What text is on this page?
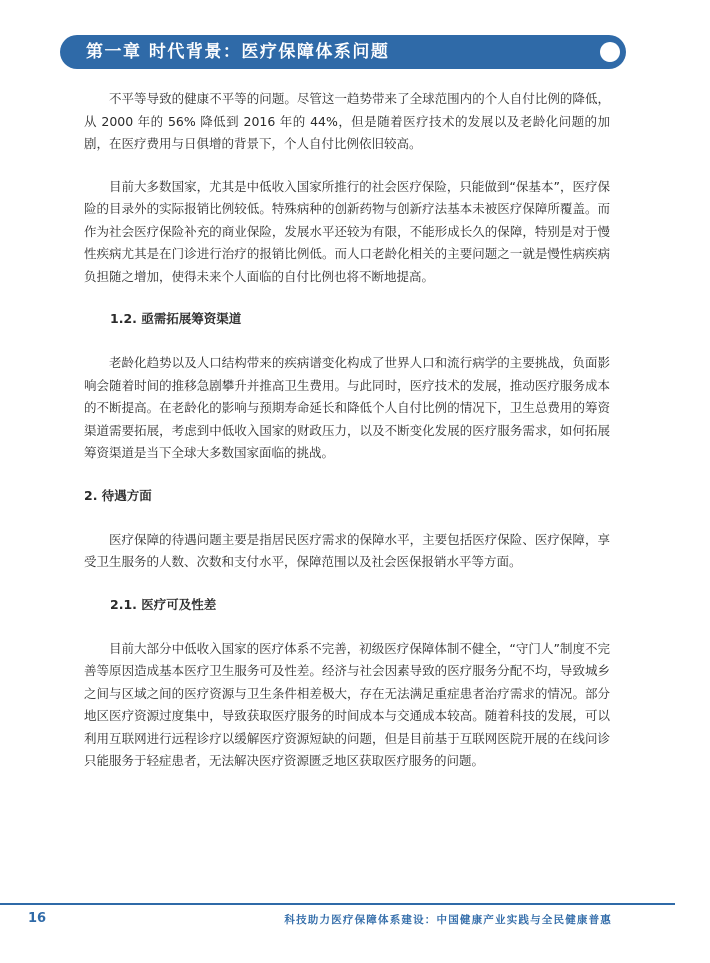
第一章 时代背景：医疗保障体系问题

不平等导致的健康不平等的问题。尽管这一趋势带来了全球范围内的个人自付比例的降低，从 2000 年的 56% 降低到 2016 年的 44%，但是随着医疗技术的发展以及老龄化问题的加剧，在医疗费用与日俱增的背景下，个人自付比例依旧较高。

目前大多数国家，尤其是中低收入国家所推行的社会医疗保险，只能做到“保基本”，医疗保险的目录外的实际报销比例较低。特殊病种的创新药物与创新疗法基本未被医疗保障所覆盖。而作为社会医疗保险补充的商业保险，发展水平还较为有限，不能形成长久的保障，特别是对于慢性疾病尤其是在门诊进行治疗的报销比例低。而人口老龄化相关的主要问题之一就是慢性病疾病负担随之增加，使得未来个人面临的自付比例也将不断地提高。

1.2. 亟需拓展筹资渠道

老龄化趋势以及人口结构带来的疾病谱变化构成了世界人口和流行病学的主要挑战，负面影响会随着时间的推移急剧攀升并推高卫生费用。与此同时，医疗技术的发展，推动医疗服务成本的不断提高。在老龄化的影响与预期寿命延长和降低个人自付比例的情况下，卫生总费用的筹资渠道需要拓展，考虑到中低收入国家的财政压力，以及不断变化发展的医疗服务需求，如何拓展筹资渠道是当下全球大多数国家面临的挑战。

2. 待遇方面

医疗保障的待遇问题主要是指居民医疗需求的保障水平，主要包括医疗保险、医疗保障，享受卫生服务的人数、次数和支付水平，保障范围以及社会医保报销水平等方面。

2.1. 医疗可及性差

目前大部分中低收入国家的医疗体系不完善，初级医疗保障体制不健全，“守门人”制度不完善等原因造成基本医疗卫生服务可及性差。经济与社会因素导致的医疗服务分配不均，导致城乡之间与区域之间的医疗资源与卫生条件相差极大，存在无法满足重症患者治疗需求的情况。部分地区医疗资源过度集中，导致获取医疗服务的时间成本与交通成本较高。随着科技的发展，可以利用互联网进行远程诊疗以缓解医疗资源短缺的问题，但是目前基于互联网医院开展的在线问诊只能服务于轻症患者，无法解决医疗资源匮乏地区获取医疗服务的问题。

16	科技助力医疗保障体系建设：中国健康产业实践与全民健康普惠
